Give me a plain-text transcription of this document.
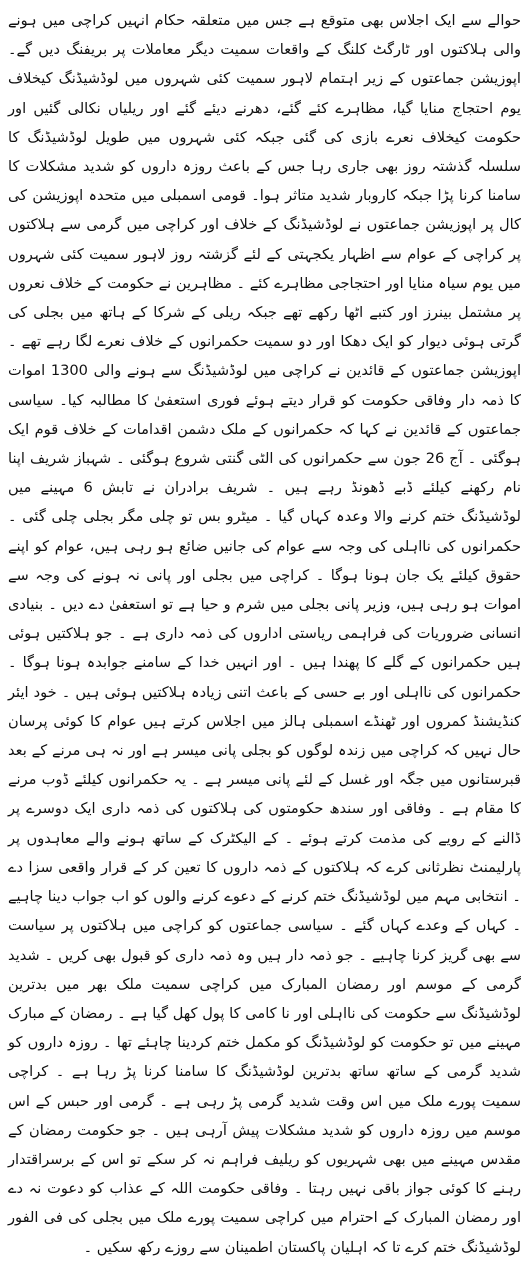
حوالے سے ایک اجلاس بھی متوقع ہے جس میں متعلقہ حکام انہیں کراچی میں ہونے والی ہلاکتوں اور ٹارگٹ کلنگ کے واقعات سمیت دیگر معاملات پر بریفنگ دیں گے۔ اپوزیشن جماعتوں کے زیر اہتمام لاہور سمیت کئی شہروں میں لوڈشیڈنگ کیخلاف یوم احتجاج منایا گیا، مظاہرے کئے گئے، دھرنے دیئے گئے اور ریلیاں نکالی گئیں اور حکومت کیخلاف نعرے بازی کی گئی جبکہ کئی شہروں میں طویل لوڈشیڈنگ کا سلسلہ گذشتہ روز بھی جاری رہا جس کے باعث روزہ داروں کو شدید مشکلات کا سامنا کرنا پڑا جبکہ کاروبار شدید متاثر ہوا۔ قومی اسمبلی میں متحدہ اپوزیشن کی کال پر اپوزیشن جماعتوں نے لوڈشیڈنگ کے خلاف اور کراچی میں گرمی سے ہلاکتوں پر کراچی کے عوام سے اظہار یکجہتی کے لئے گزشتہ روز لاہور سمیت کئی شہروں میں یوم سیاہ منایا اور احتجاجی مظاہرے کئے ۔ مظاہرین نے حکومت کے خلاف نعروں پر مشتمل بینرز اور کتبے اٹھا رکھے تھے جبکہ ریلی کے شرکا کے ہاتھ میں بجلی کی گرتی ہوئی دیوار کو ایک دھکا اور دو سمیت حکمرانوں کے خلاف نعرے لگا رہے تھے ۔ اپوزیشن جماعتوں کے قائدین نے کراچی میں لوڈشیڈنگ سے ہونے والی 1300 اموات کا ذمہ دار وفاقی حکومت کو قرار دیتے ہوئے فوری استعفیٰ کا مطالبہ کیا۔ سیاسی جماعتوں کے قائدین نے کہا کہ حکمرانوں کے ملک دشمن اقدامات کے خلاف قوم ایک ہوگئی ۔ آج 26 جون سے حکمرانوں کی الٹی گنتی شروع ہوگئی ۔ شہباز شریف اپنا نام رکھنے کیلئے ڈبے ڈھونڈ رہے ہیں ۔ شریف برادران نے تابش 6 مہینے میں لوڈشیڈنگ ختم کرنے والا وعدہ کہاں گیا ۔ میٹرو بس تو چلی مگر بجلی چلی گئی ۔ حکمرانوں کی نااہلی کی وجہ سے عوام کی جانیں ضائع ہو رہی ہیں، عوام کو اپنے حقوق کیلئے یک جان ہونا ہوگا ۔ کراچی میں بجلی اور پانی نہ ہونے کی وجہ سے اموات ہو رہی ہیں، وزیر پانی بجلی میں شرم و حیا ہے تو استعفیٰ دے دیں ۔ بنیادی انسانی ضروریات کی فراہمی ریاستی اداروں کی ذمہ داری ہے ۔ جو ہلاکتیں ہوئی ہیں حکمرانوں کے گلے کا پھندا ہیں ۔ اور انہیں خدا کے سامنے جوابدہ ہونا ہوگا ۔ حکمرانوں کی نااہلی اور بے حسی کے باعث اتنی زیادہ ہلاکتیں ہوئی ہیں ۔ خود ایئر کنڈیشنڈ کمروں اور ٹھنڈے اسمبلی ہالز میں اجلاس کرتے ہیں عوام کا کوئی پرسان حال نہیں کہ کراچی میں زندہ لوگوں کو بجلی پانی میسر ہے اور نہ ہی مرنے کے بعد قبرستانوں میں جگہ اور غسل کے لئے پانی میسر ہے ۔ یہ حکمرانوں کیلئے ڈوب مرنے کا مقام ہے ۔ وفاقی اور سندھ حکومتوں کی ہلاکتوں کی ذمہ داری ایک دوسرے پر ڈالنے کے رویے کی مذمت کرتے ہوئے ۔ کے الیکٹرک کے ساتھ ہونے والے معاہدوں پر پارلیمنٹ نظرثانی کرے کہ ہلاکتوں کے ذمہ داروں کا تعین کر کے قرار واقعی سزا دے ۔ انتخابی مہم میں لوڈشیڈنگ ختم کرنے کے دعوے کرنے والوں کو اب جواب دینا چاہیے ۔ کہاں کے وعدے کہاں گئے ۔ سیاسی جماعتوں کو کراچی میں ہلاکتوں پر سیاست سے بھی گریز کرنا چاہیے ۔ جو ذمہ دار ہیں وہ ذمہ داری کو قبول بھی کریں ۔ شدید گرمی کے موسم اور رمضان المبارک میں کراچی سمیت ملک بھر میں بدترین لوڈشیڈنگ سے حکومت کی نااہلی اور نا کامی کا پول کھل گیا ہے ۔ رمضان کے مبارک مہینے میں تو حکومت کو لوڈشیڈنگ کو مکمل ختم کردینا چاہئے تھا ۔ روزہ داروں کو شدید گرمی کے ساتھ ساتھ بدترین لوڈشیڈنگ کا سامنا کرنا پڑ رہا ہے ۔ کراچی سمیت پورے ملک میں اس وقت شدید گرمی پڑ رہی ہے ۔ گرمی اور حبس کے اس موسم میں روزہ داروں کو شدید مشکلات پیش آرہی ہیں ۔ جو حکومت رمضان کے مقدس مہینے میں بھی شہریوں کو ریلیف فراہم نہ کر سکے تو اس کے برسراقتدار رہنے کا کوئی جواز باقی نہیں رہتا ۔ وفاقی حکومت اللہ کے عذاب کو دعوت نہ دے اور رمضان المبارک کے احترام میں کراچی سمیت پورے ملک میں بجلی کی فی الفور لوڈشیڈنگ ختم کرے تا کہ اہلیان پاکستان اطمینان سے روزے رکھ سکیں ۔
